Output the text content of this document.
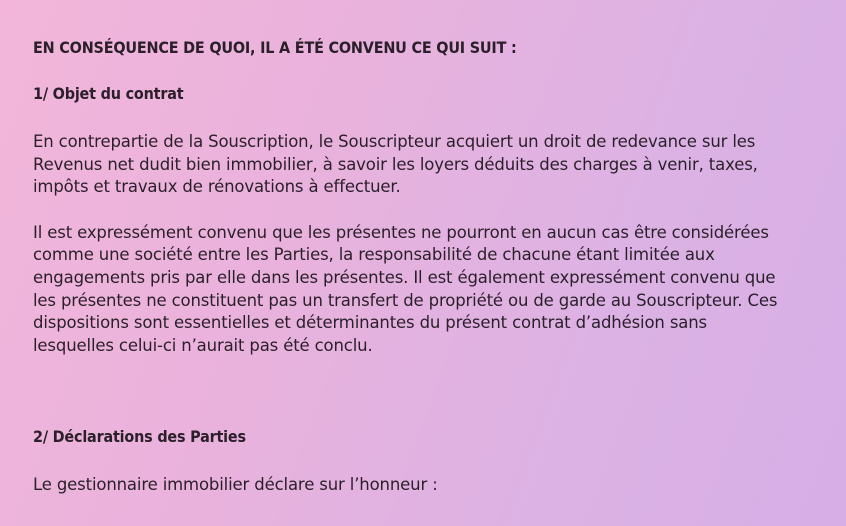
EN CONSÉQUENCE DE QUOI, IL A ÉTÉ CONVENU CE QUI SUIT :
1/ Objet du contrat

En contrepartie de la Souscription, le Souscripteur acquiert un droit de redevance sur les
Revenus net dudit bien immobilier, à savoir les loyers déduits des charges à venir, taxes,
impôts et travaux de rénovations à effectuer.

Il est expressément convenu que les présentes ne pourront en aucun cas être considérées
comme une société entre les Parties, la responsabilité de chacune étant limitée aux
engagements pris par elle dans les présentes. Il est également expressément convenu que
les présentes ne constituent pas un transfert de propriété ou de garde au Souscripteur. Ces
dispositions sont essentielles et déterminantes du présent contrat d’adhésion sans
lesquelles celui-ci n’aurait pas été conclu.

2/ Déclarations des Parties

Le gestionnaire immobilier déclare sur l’honneur :
